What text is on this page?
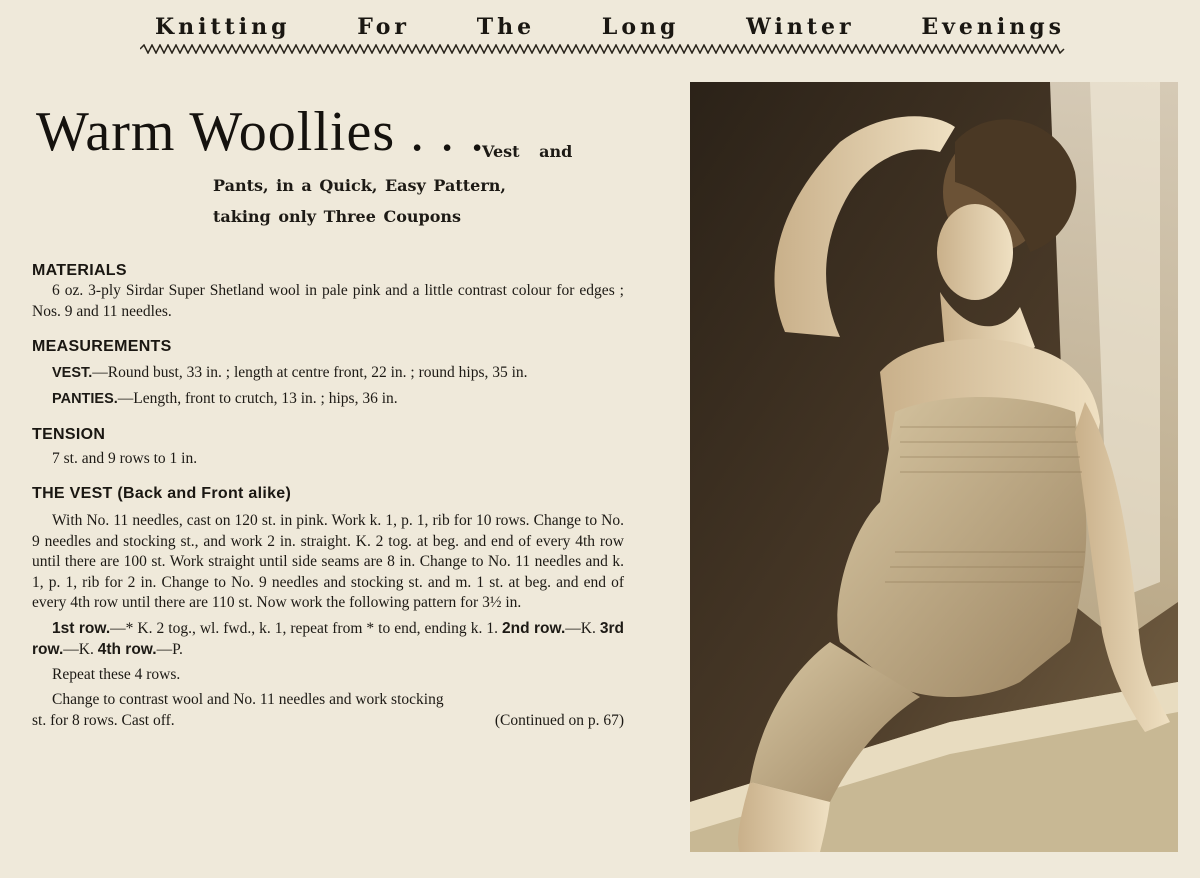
Knitting For The Long Winter Evenings
Warm Woollies . . .
Vest and
Pants, in a Quick, Easy Pattern,
taking only Three Coupons
MATERIALS

6 oz. 3-ply Sirdar Super Shetland wool in pale pink and a little contrast colour for edges ; Nos. 9 and 11 needles.

MEASUREMENTS

VEST.—Round bust, 33 in. ; length at centre front, 22 in. ; round hips, 35 in.

PANTIES.—Length, front to crutch, 13 in. ; hips, 36 in.

TENSION

7 st. and 9 rows to 1 in.

THE VEST (Back and Front alike)

With No. 11 needles, cast on 120 st. in pink. Work k. 1, p. 1, rib for 10 rows. Change to No. 9 needles and stocking st., and work 2 in. straight. K. 2 tog. at beg. and end of every 4th row until there are 100 st. Work straight until side seams are 8 in. Change to No. 11 needles and k. 1, p. 1, rib for 2 in. Change to No. 9 needles and stocking st. and m. 1 st. at beg. and end of every 4th row until there are 110 st. Now work the following pattern for 3½ in.

1st row.—* K. 2 tog., wl. fwd., k. 1, repeat from * to end, ending k. 1. 2nd row.—K. 3rd row.—K. 4th row.—P.

Repeat these 4 rows.

Change to contrast wool and No. 11 needles and work stocking

st. for 8 rows. Cast off.	(Continued on p. 67)
